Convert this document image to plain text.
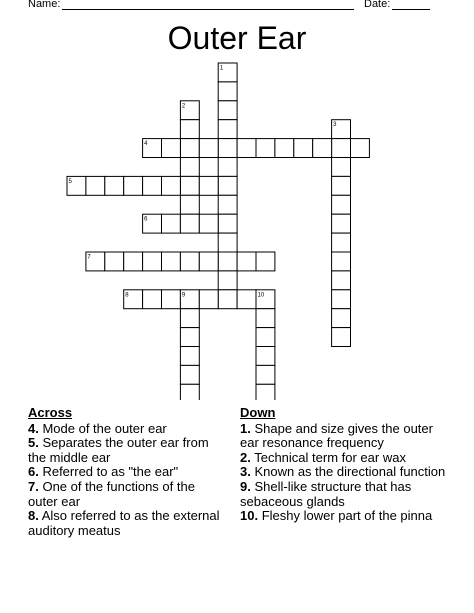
Name:	Date:
Outer Ear
1
2
3
4
5
6
7
8	9	10
Across

4. Mode of the outer ear

5. Separates the outer ear from the middle ear

6. Referred to as "the ear"

7. One of the functions of the outer ear

8. Also referred to as the external auditory meatus

Down

1. Shape and size gives the outer ear resonance frequency

2. Technical term for ear wax

3. Known as the directional function

9. Shell-like structure that has sebaceous glands

10. Fleshy lower part of the pinna
